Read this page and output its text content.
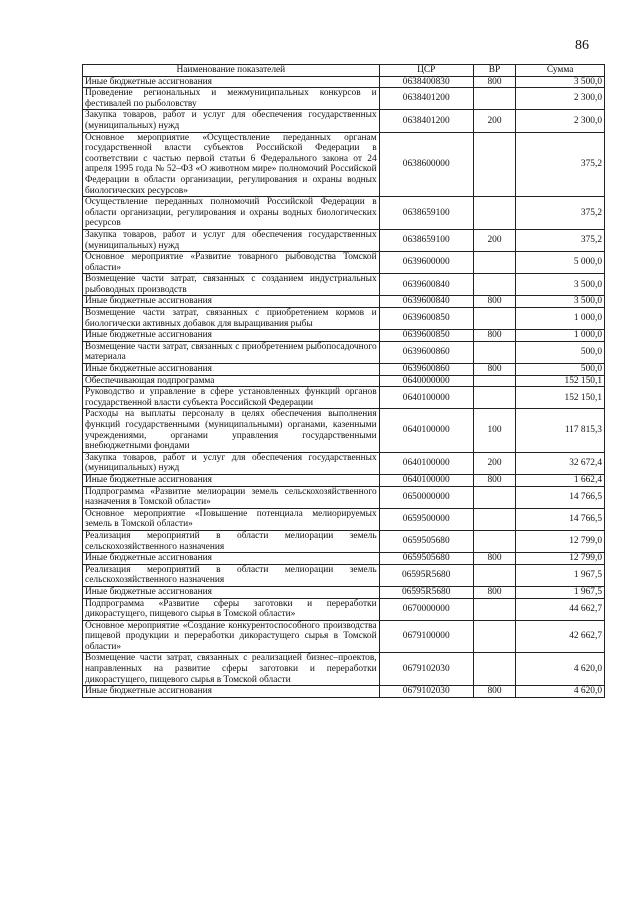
86
Наименование показателей	ЦСР	ВР	Сумма
Иные бюджетные ассигнования	0638400830	800	3 500,0
Проведение региональных и межмуниципальных конкурсов и фестивалей по рыболовству	0638401200		2 300,0
Закупка товаров, работ и услуг для обеспечения государственных (муниципальных) нужд	0638401200	200	2 300,0
Основное мероприятие «Осуществление переданных органам государственной власти субъектов Российской Федерации в соответствии с частью первой статьи 6 Федерального закона от 24 апреля 1995 года № 52–ФЗ «О животном мире» полномочий Российской Федерации в области организации, регулирования и охраны водных биологических ресурсов»	0638600000		375,2
Осуществление переданных полномочий Российской Федерации в области организации, регулирования и охраны водных биологических ресурсов	0638659100		375,2
Закупка товаров, работ и услуг для обеспечения государственных (муниципальных) нужд	0638659100	200	375,2
Основное мероприятие «Развитие товарного рыбоводства Томской области»	0639600000		5 000,0
Возмещение части затрат, связанных с созданием индустриальных рыбоводных производств	0639600840		3 500,0
Иные бюджетные ассигнования	0639600840	800	3 500,0
Возмещение части затрат, связанных с приобретением кормов и биологически активных добавок для выращивания рыбы	0639600850		1 000,0
Иные бюджетные ассигнования	0639600850	800	1 000,0
Возмещение части затрат, связанных с приобретением рыбопосадочного материала	0639600860		500,0
Иные бюджетные ассигнования	0639600860	800	500,0
Обеспечивающая подпрограмма	0640000000		152 150,1
Руководство и управление в сфере установленных функций органов государственной власти субъекта Российской Федерации	0640100000		152 150,1
Расходы на выплаты персоналу в целях обеспечения выполнения функций государственными (муниципальными) органами, казенными учреждениями, органами управления государственными внебюджетными фондами	0640100000	100	117 815,3
Закупка товаров, работ и услуг для обеспечения государственных (муниципальных) нужд	0640100000	200	32 672,4
Иные бюджетные ассигнования	0640100000	800	1 662,4
Подпрограмма «Развитие мелиорации земель сельскохозяйственного назначения в Томской области»	0650000000		14 766,5
Основное мероприятие «Повышение потенциала мелиорируемых земель в Томской области»	0659500000		14 766,5
Реализация мероприятий в области мелиорации земель сельскохозяйственного назначения	0659505680		12 799,0
Иные бюджетные ассигнования	0659505680	800	12 799,0
Реализация мероприятий в области мелиорации земель сельскохозяйственного назначения	06595R5680		1 967,5
Иные бюджетные ассигнования	06595R5680	800	1 967,5
Подпрограмма «Развитие сферы заготовки и переработки дикорастущего, пищевого сырья в Томской области»	0670000000		44 662,7
Основное мероприятие «Создание конкурентоспособного производства пищевой продукции и переработки дикорастущего сырья в Томской области»	0679100000		42 662,7
Возмещение части затрат, связанных с реализацией бизнес–проектов, направленных на развитие сферы заготовки и переработки дикорастущего, пищевого сырья в Томской области	0679102030		4 620,0
Иные бюджетные ассигнования	0679102030	800	4 620,0
